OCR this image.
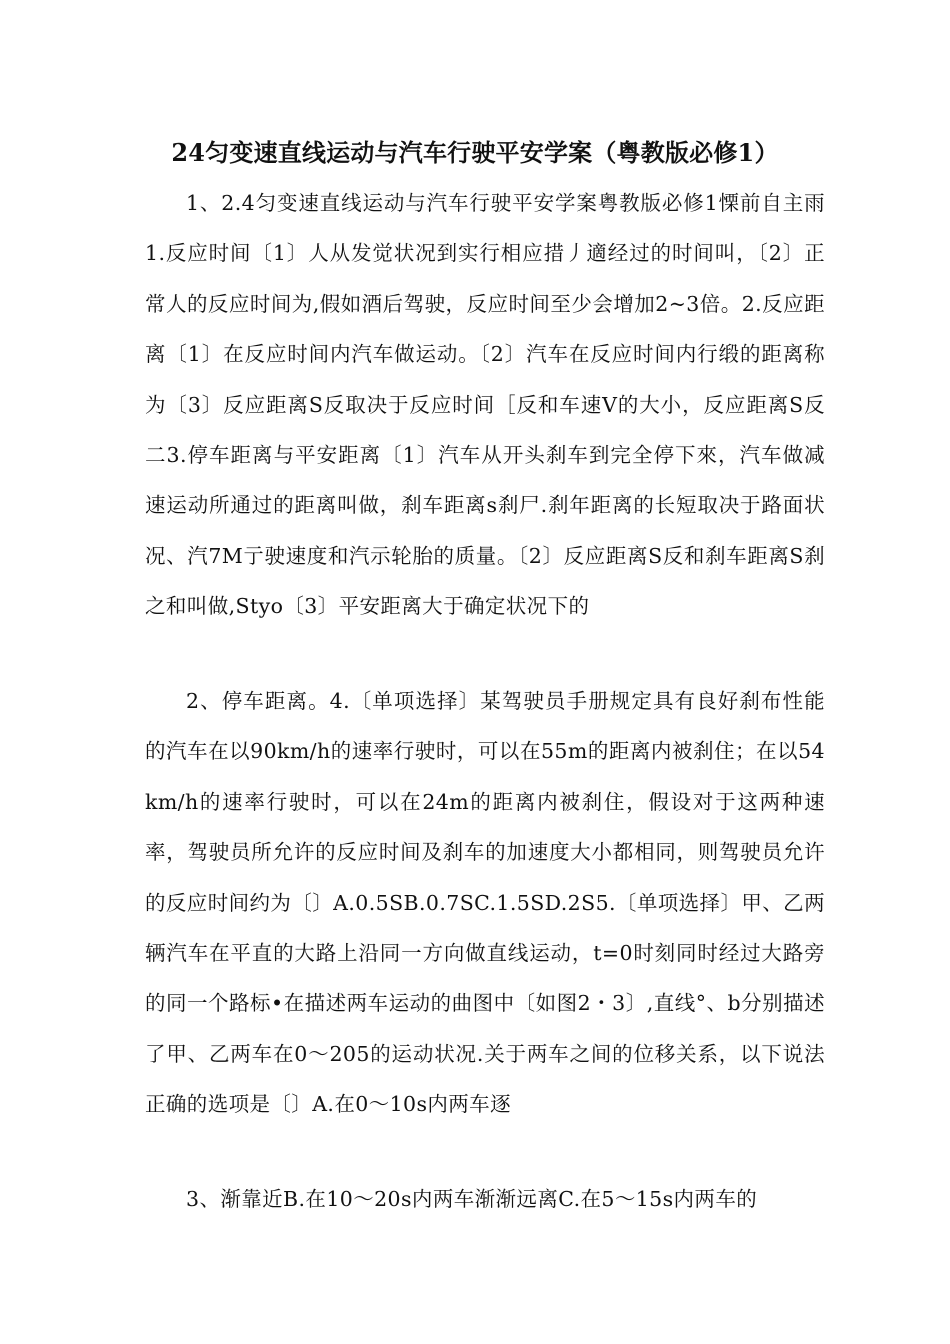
24匀变速直线运动与汽车行驶平安学案（粤教版必修1）

1、2.4匀变速直线运动与汽车行驶平安学案粤教版必修1慄前自主雨1.反应时间〔1〕人从发觉状况到实行相应措丿適经过的时间叫，〔2〕正常人的反应时间为,假如酒后驾驶，反应时间至少会增加2~3倍。2.反应距离〔1〕在反应时间内汽车做运动。〔2〕汽车在反应时间内行缎的距离称为〔3〕反应距离S反取决于反应时间［反和车速V的大小，反应距离S反二3.停车距离与平安距离〔1〕汽车从开头刹车到完全停下來，汽车做减速运动所通过的距离叫做，刹车距离s刹尸.刹年距离的长短取决于路面状况、汽7M亍驶速度和汽示轮胎的质量。〔2〕反应距离S反和刹车距离S刹之和叫做,Styo〔3〕平安距离大于确定状况下的

2、停车距离。4.〔单项选择〕某驾驶员手册规定具有良好刹布性能的汽车在以90km/h的速率行驶时，可以在55m的距离内被刹住；在以54km/h的速率行驶时，可以在24m的距离内被刹住，假设对于这两种速率，驾驶员所允许的反应时间及刹车的加速度大小都相同，则驾驶员允许的反应时间约为〔〕A.0.5SB.0.7SC.1.5SD.2S5.〔单项选择〕甲、乙两辆汽车在平直的大路上沿同一方向做直线运动，t=0时刻同时经过大路旁的同一个路标•在描述两车运动的曲图中〔如图2・3〕,直线°、b分别描述了甲、乙两车在0〜205的运动状况.关于两车之间的位移关系，以下说法正确的选项是〔〕A.在0〜10s内两车逐

3、渐靠近B.在10〜20s内两车渐渐远离C.在5〜15s内两车的
